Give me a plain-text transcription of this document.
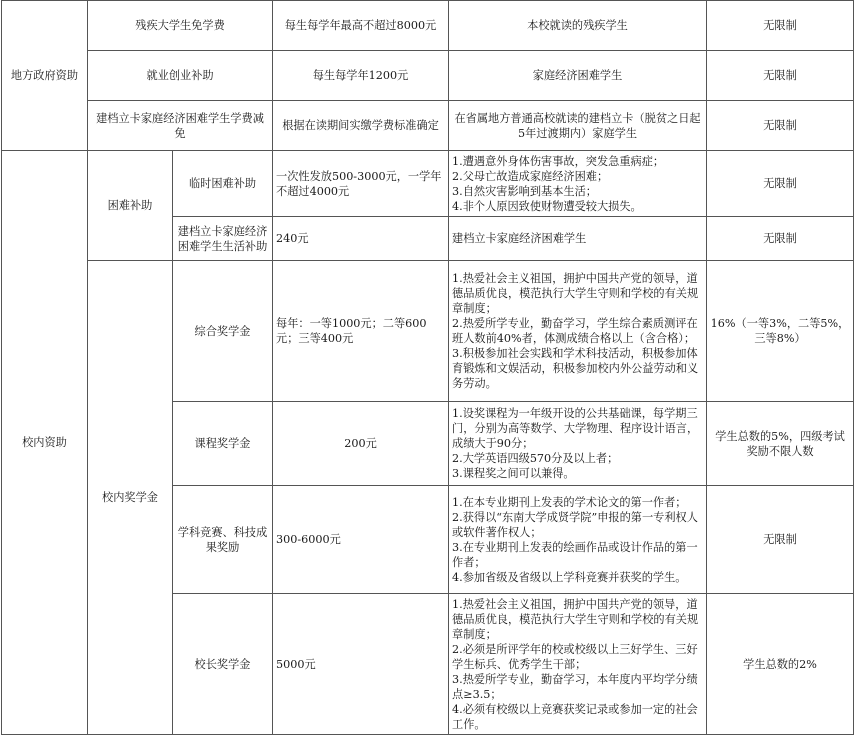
地方政府资助	残疾大学生免学费		每生每学年最高不超过8000元	本校就读的残疾学生	无限制
	就业创业补助		每生每学年1200元	家庭经济困难学生	无限制
	建档立卡家庭经济困难学生学费减免		根据在读期间实缴学费标准确定	在省属地方普通高校就读的建档立卡（脱贫之日起5年过渡期内）家庭学生	无限制
校内资助	困难补助	临时困难补助	一次性发放500-3000元，一学年不超过4000元	1.遭遇意外身体伤害事故，突发急重病症；
2.父母亡故造成家庭经济困难；
3.自然灾害影响到基本生活；
4.非个人原因致使财物遭受较大损失。	无限制
		建档立卡家庭经济困难学生生活补助	240元	建档立卡家庭经济困难学生	无限制
	校内奖学金	综合奖学金	每年：一等1000元；二等600元；三等400元	1.热爱社会主义祖国，拥护中国共产党的领导，道德品质优良，模范执行大学生守则和学校的有关规章制度；
2.热爱所学专业，勤奋学习，学生综合素质测评在班人数前40%者，体测成绩合格以上（含合格）；
3.积极参加社会实践和学术科技活动，积极参加体育锻炼和文娱活动，积极参加校内外公益劳动和义务劳动。	16%（一等3%，二等5%，三等8%）
		课程奖学金	200元	1.设奖课程为一年级开设的公共基础课，每学期三门，分别为高等数学、大学物理、程序设计语言，成绩大于90分；
2.大学英语四级570分及以上者；
3.课程奖之间可以兼得。	学生总数的5%，四级考试奖励不限人数
		学科竞赛、科技成果奖励	300-6000元	1.在本专业期刊上发表的学术论文的第一作者；
2.获得以“东南大学成贤学院”申报的第一专利权人或软件著作权人；
3.在专业期刊上发表的绘画作品或设计作品的第一作者；
4.参加省级及省级以上学科竞赛并获奖的学生。	无限制
		校长奖学金	5000元	1.热爱社会主义祖国，拥护中国共产党的领导，道德品质优良，模范执行大学生守则和学校的有关规章制度；
2.必须是所评学年的校或校级以上三好学生、三好学生标兵、优秀学生干部；
3.热爱所学专业，勤奋学习，本年度内平均学分绩点≥3.5；
4.必须有校级以上竞赛获奖记录或参加一定的社会工作。	学生总数的2%
